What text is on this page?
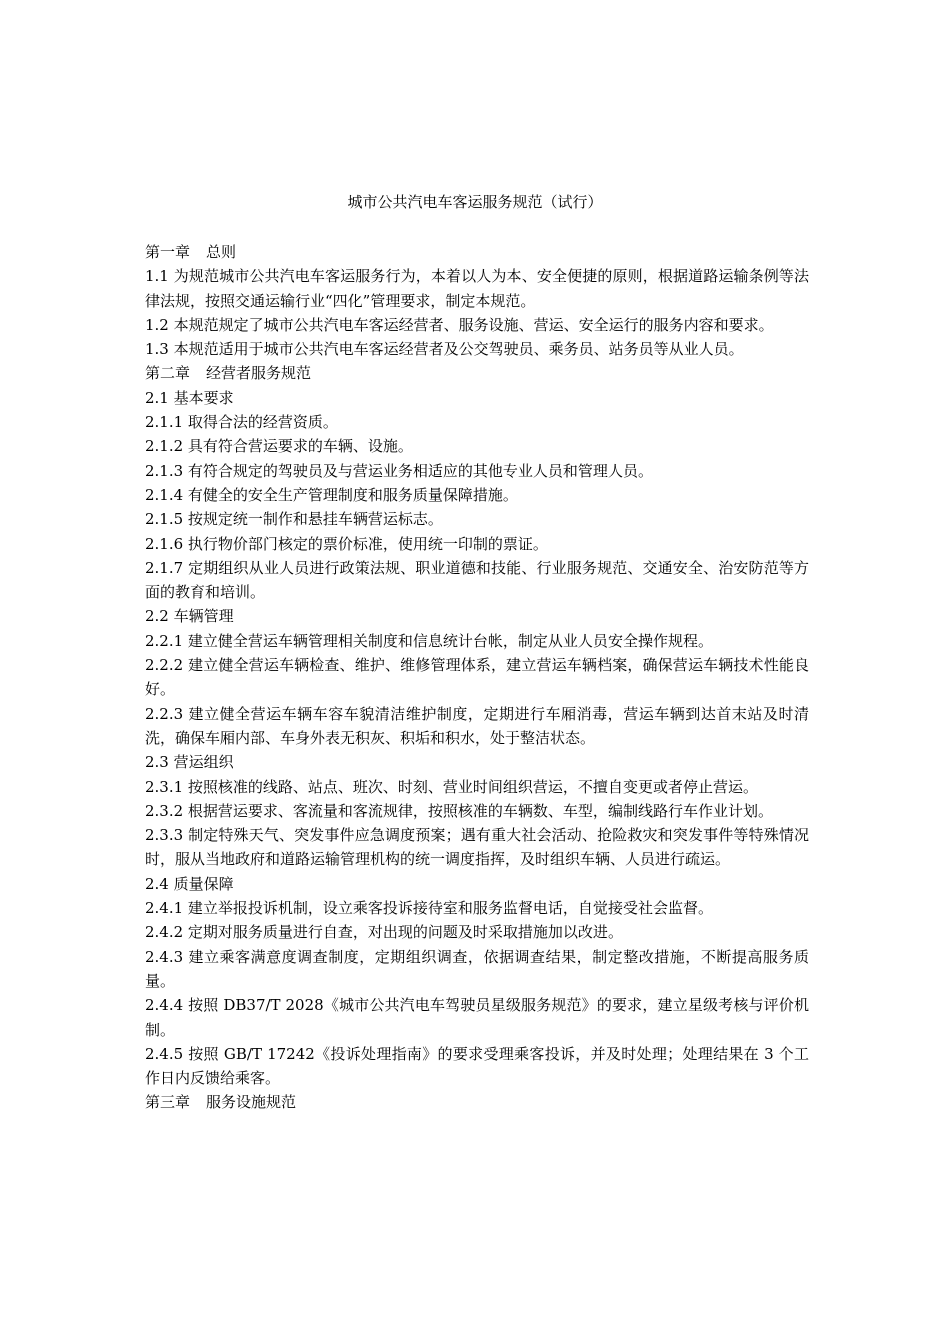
城市公共汽电车客运服务规范（试行）

第一章 总则

1.1 为规范城市公共汽电车客运服务行为，本着以人为本、安全便捷的原则，根据道路运输条例等法律法规，按照交通运输行业“四化”管理要求，制定本规范。

1.2 本规范规定了城市公共汽电车客运经营者、服务设施、营运、安全运行的服务内容和要求。

1.3 本规范适用于城市公共汽电车客运经营者及公交驾驶员、乘务员、站务员等从业人员。

第二章 经营者服务规范

2.1 基本要求

2.1.1 取得合法的经营资质。

2.1.2 具有符合营运要求的车辆、设施。

2.1.3 有符合规定的驾驶员及与营运业务相适应的其他专业人员和管理人员。

2.1.4 有健全的安全生产管理制度和服务质量保障措施。

2.1.5 按规定统一制作和悬挂车辆营运标志。

2.1.6 执行物价部门核定的票价标准，使用统一印制的票证。

2.1.7 定期组织从业人员进行政策法规、职业道德和技能、行业服务规范、交通安全、治安防范等方面的教育和培训。

2.2 车辆管理

2.2.1 建立健全营运车辆管理相关制度和信息统计台帐，制定从业人员安全操作规程。

2.2.2 建立健全营运车辆检查、维护、维修管理体系，建立营运车辆档案，确保营运车辆技术性能良好。

2.2.3 建立健全营运车辆车容车貌清洁维护制度，定期进行车厢消毒，营运车辆到达首末站及时清洗，确保车厢内部、车身外表无积灰、积垢和积水，处于整洁状态。

2.3 营运组织

2.3.1 按照核准的线路、站点、班次、时刻、营业时间组织营运，不擅自变更或者停止营运。

2.3.2 根据营运要求、客流量和客流规律，按照核准的车辆数、车型，编制线路行车作业计划。

2.3.3 制定特殊天气、突发事件应急调度预案；遇有重大社会活动、抢险救灾和突发事件等特殊情况时，服从当地政府和道路运输管理机构的统一调度指挥，及时组织车辆、人员进行疏运。

2.4 质量保障

2.4.1 建立举报投诉机制，设立乘客投诉接待室和服务监督电话，自觉接受社会监督。

2.4.2 定期对服务质量进行自查，对出现的问题及时采取措施加以改进。

2.4.3 建立乘客满意度调查制度，定期组织调查，依据调查结果，制定整改措施，不断提高服务质量。

2.4.4 按照 DB37/T 2028《城市公共汽电车驾驶员星级服务规范》的要求，建立星级考核与评价机制。

2.4.5 按照 GB/T 17242《投诉处理指南》的要求受理乘客投诉，并及时处理；处理结果在 3 个工作日内反馈给乘客。

第三章 服务设施规范
